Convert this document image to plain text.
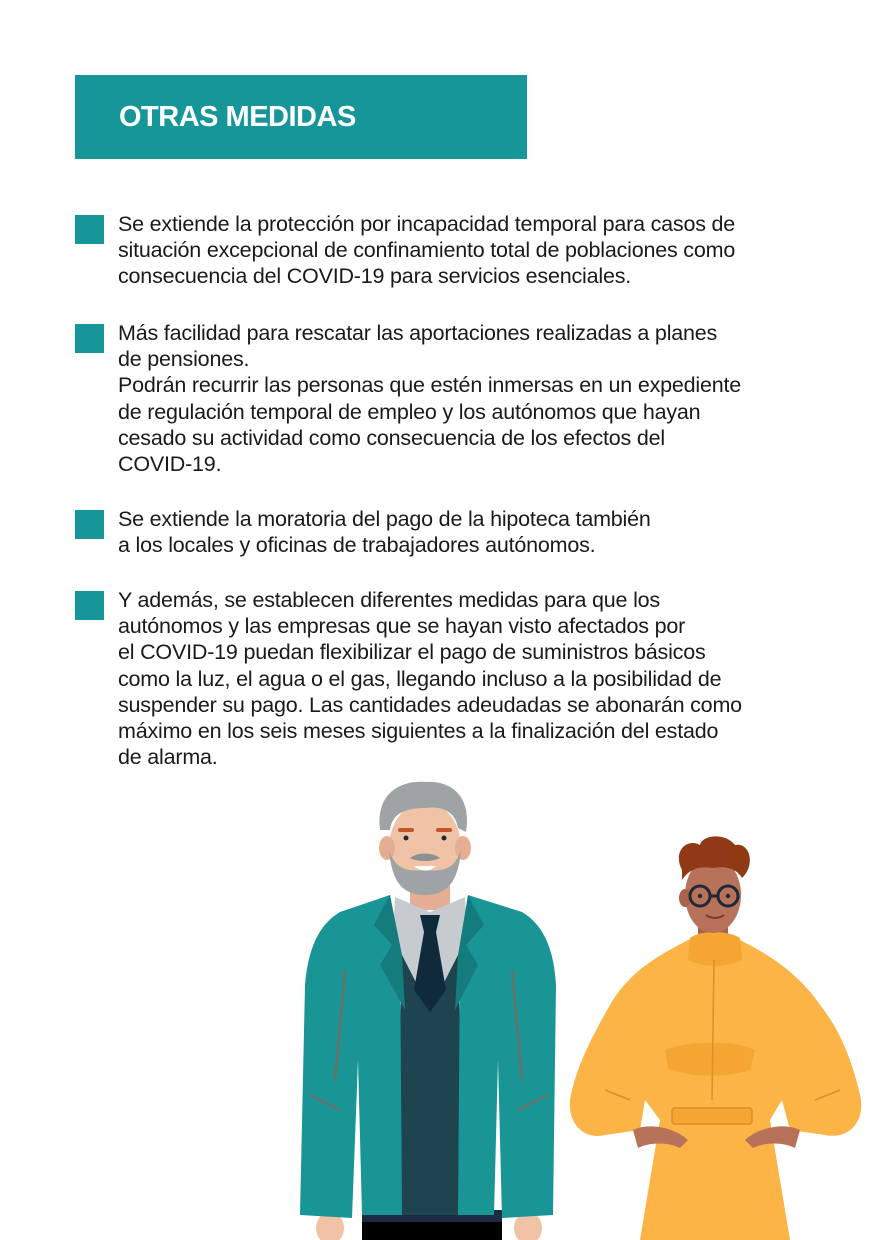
OTRAS MEDIDAS
Se extiende la protección por incapacidad temporal para casos de
situación excepcional de confinamiento total de poblaciones como
consecuencia del COVID-19 para servicios esenciales.
Más facilidad para rescatar las aportaciones realizadas a planes
de pensiones.
Podrán recurrir las personas que estén inmersas en un expediente
de regulación temporal de empleo y los autónomos que hayan
cesado su actividad como consecuencia de los efectos del
COVID-19.
Se extiende la moratoria del pago de la hipoteca también
a los locales y oficinas de trabajadores autónomos.
Y además, se establecen diferentes medidas para que los
autónomos y las empresas que se hayan visto afectados por
el COVID-19 puedan flexibilizar el pago de suministros básicos
como la luz, el agua o el gas, llegando incluso a la posibilidad de
suspender su pago. Las cantidades adeudadas se abonarán como
máximo en los seis meses siguientes a la finalización del estado
de alarma.
